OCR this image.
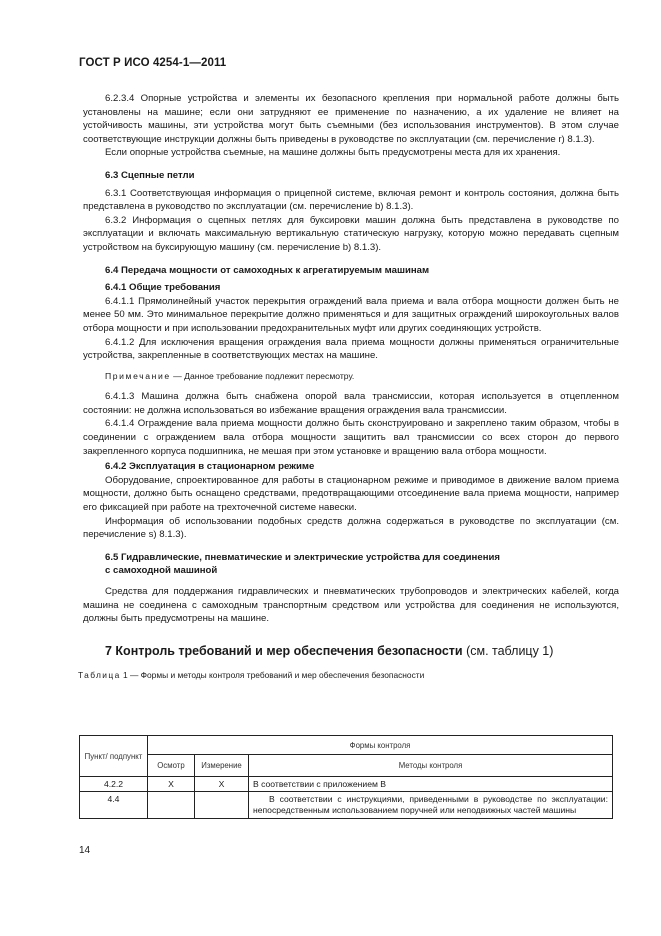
ГОСТ Р ИСО 4254-1—2011

6.2.3.4 Опорные устройства и элементы их безопасного крепления при нормальной работе должны быть установлены на машине; если они затрудняют ее применение по назначению, а их удаление не влияет на устойчивость машины, эти устройства могут быть съемными (без использования инструментов). В этом случае соответствующие инструкции должны быть приведены в руководстве по эксплуатации (см. перечисление r) 8.1.3).

Если опорные устройства съемные, на машине должны быть предусмотрены места для их хранения.

6.3 Сцепные петли

6.3.1 Соответствующая информация о прицепной системе, включая ремонт и контроль состояния, должна быть представлена в руководство по эксплуатации (см. перечисление b) 8.1.3).

6.3.2 Информация о сцепных петлях для буксировки машин должна быть представлена в руководстве по эксплуатации и включать максимальную вертикальную статическую нагрузку, которую можно передавать сцепным устройством на буксирующую машину (см. перечисление b) 8.1.3).

6.4 Передача мощности от самоходных к агрегатируемым машинам
6.4.1 Общие требования

6.4.1.1 Прямолинейный участок перекрытия ограждений вала приема и вала отбора мощности должен быть не менее 50 мм. Это минимальное перекрытие должно применяться и для защитных ограждений широкоугольных валов отбора мощности и при использовании предохранительных муфт или других соединяющих устройств.

6.4.1.2 Для исключения вращения ограждения вала приема мощности должны применяться ограничительные устройства, закрепленные в соответствующих местах на машине.

Примечание — Данное требование подлежит пересмотру.

6.4.1.3 Машина должна быть снабжена опорой вала трансмиссии, которая используется в отцепленном состоянии: не должна использоваться во избежание вращения ограждения вала трансмиссии.

6.4.1.4 Ограждение вала приема мощности должно быть сконструировано и закреплено таким образом, чтобы в соединении с ограждением вала отбора мощности защитить вал трансмиссии со всех сторон до первого закрепленного корпуса подшипника, не мешая при этом установке и вращению вала отбора мощности.

6.4.2 Эксплуатация в стационарном режиме

Оборудование, спроектированное для работы в стационарном режиме и приводимое в движение валом приема мощности, должно быть оснащено средствами, предотвращающими отсоединение вала приема мощности, например его фиксацией при работе на трехточечной системе навески.

Информация об использовании подобных средств должна содержаться в руководстве по эксплуатации (см. перечисление s) 8.1.3).

6.5 Гидравлические, пневматические и электрические устройства для соединения
с самоходной машиной

Средства для поддержания гидравлических и пневматических трубопроводов и электрических кабелей, когда машина не соединена с самоходным транспортным средством или устройства для соединения не используются, должны быть предусмотрены на машине.

7 Контроль требований и мер обеспечения безопасности (см. таблицу 1)
Таблица 1 — Формы и методы контроля требований и мер обеспечения безопасности
Пункт/ подпункт	Формы контроля		
	Осмотр	Измерение	Методы контроля
4.2.2	X	X	В соответствии с приложением В
4.4			В соответствии с инструкциями, приведенными в руководстве по эксплуатации: непосредственным использованием поручней или неподвижных частей машины
14
